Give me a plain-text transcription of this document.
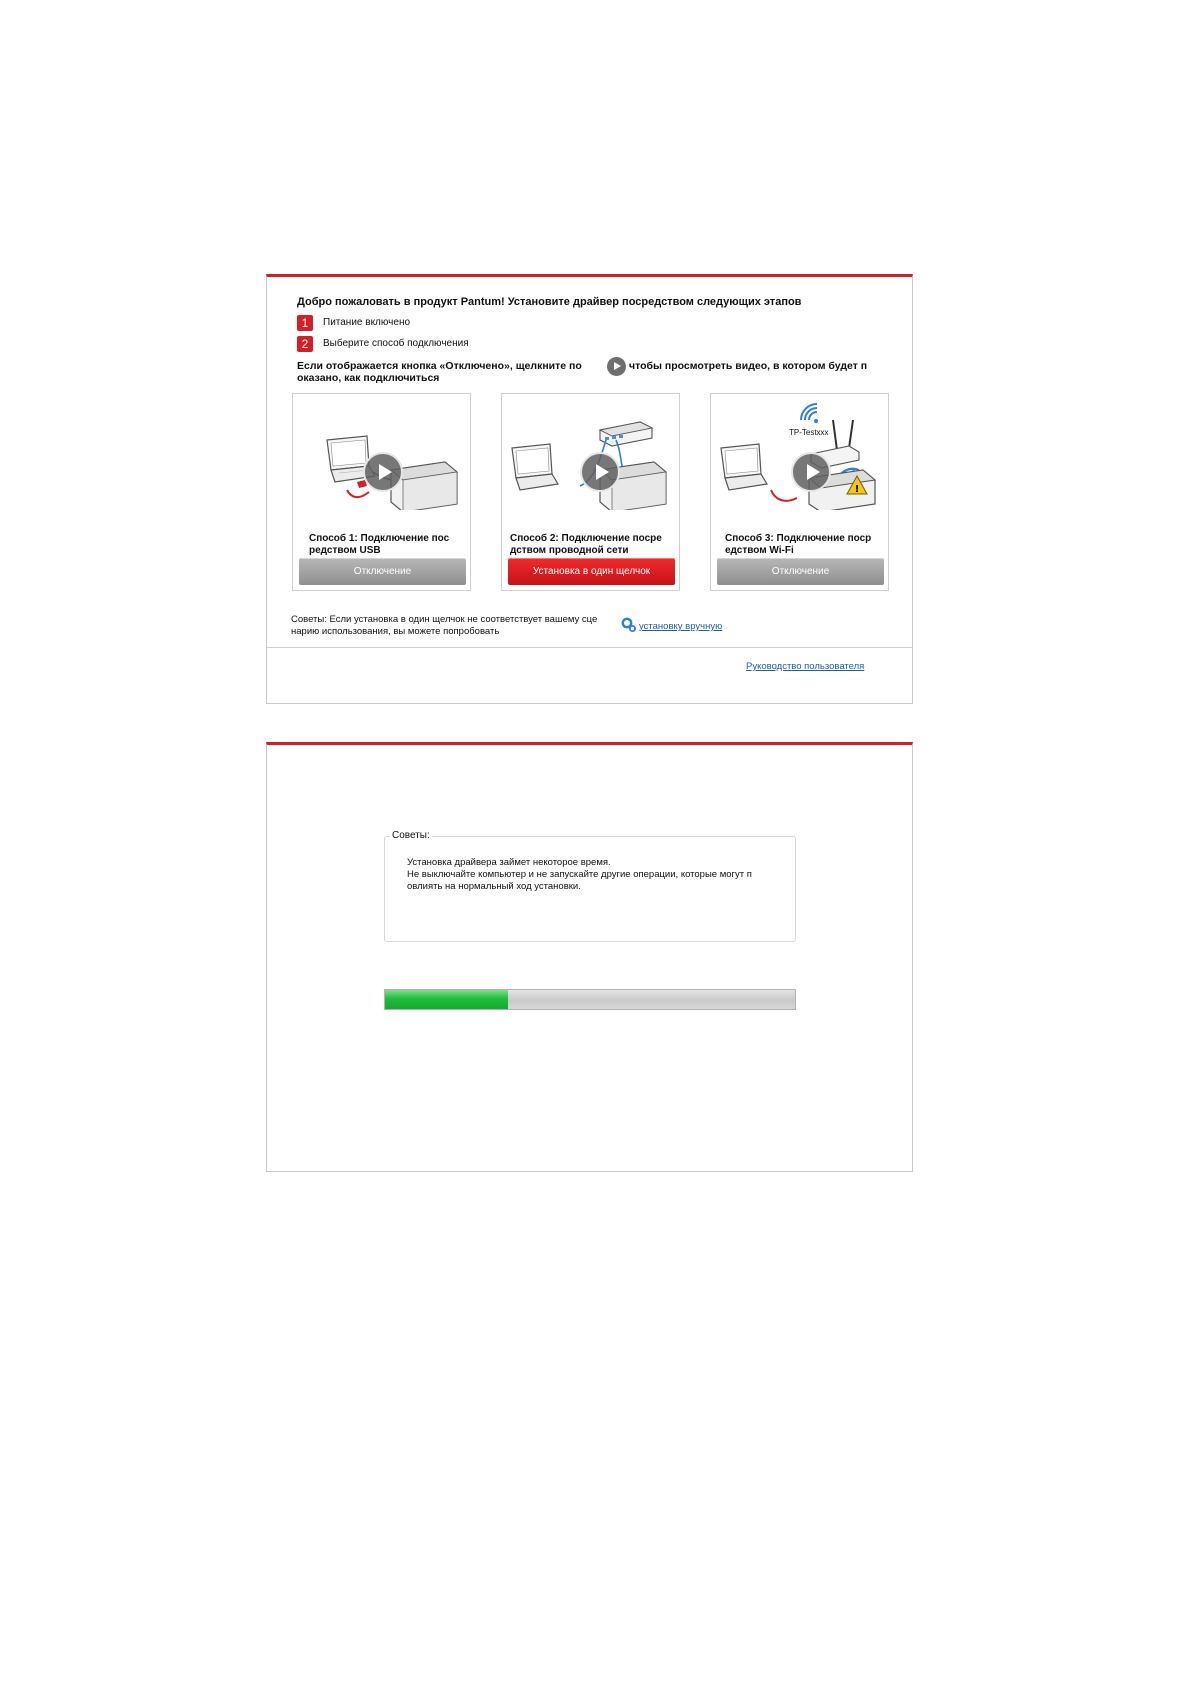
Добро пожаловать в продукт Pantum! Установите драйвер посредством следующих этапов
1	Питание включено
2	Выберите способ подключения
Если отображается кнопка «Отключено», щелкните по	чтобы просмотреть видео, в котором будет п
оказано, как подключиться
Способ 1: Подключение пос
редством USB
Отключение
Способ 2: Подключение посре
дством проводной сети
Установка в один щелчок
!
TP-Testxxx
Способ 3: Подключение поср
едством Wi-Fi
Отключение
Советы: Если установка в один щелчок не соответствует вашему сце
нарию использования, вы можете попробовать	установку вручную
Руководство пользователя
Советы:
Установка драйвера займет некоторое время.
Не выключайте компьютер и не запускайте другие операции, которые могут п
овлиять на нормальный ход установки.
